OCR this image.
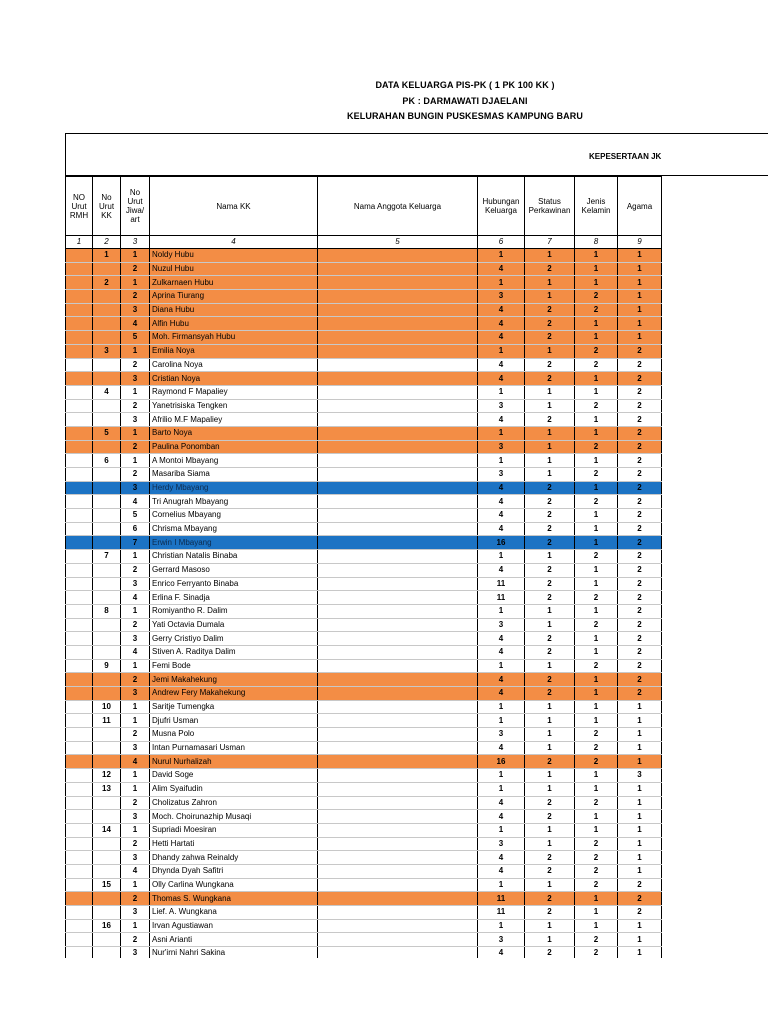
DATA KELUARGA PIS-PK ( 1 PK 100 KK )
PK : DARMAWATI DJAELANI
KELURAHAN BUNGIN PUSKESMAS KAMPUNG BARU
KEPESERTAAN JK
NO Urut RMH	No Urut KK	No Urut Jiwa/ art	Nama KK	Nama Anggota Keluarga	Hubungan Keluarga	Status Perkawinan	Jenis Kelamin	Agama
1	2	3	4	5	6	7	8	9
	1	1	Noldy Hubu		1	1	1	1
		2	Nuzul Hubu		4	2	1	1
	2	1	Zulkarnaen Hubu		1	1	1	1
		2	Aprina Tiurang		3	1	2	1
		3	Diana Hubu		4	2	2	1
		4	Alfin Hubu		4	2	1	1
		5	Moh. Firmansyah Hubu		4	2	1	1
	3	1	Emilia Noya		1	1	2	2
		2	Carolina Noya		4	2	2	2
		3	Cristian Noya		4	2	1	2
	4	1	Raymond F Mapaliey		1	1	1	2
		2	Yanetrisiska Tengken		3	1	2	2
		3	Afrilio M.F Mapaliey		4	2	1	2
	5	1	Barto Noya		1	1	1	2
		2	Paulina Ponomban		3	1	2	2
	6	1	A Montoi Mbayang		1	1	1	2
		2	Masariba Siama		3	1	2	2
		3	Herdy Mbayang		4	2	1	2
		4	Tri Anugrah Mbayang		4	2	2	2
		5	Cornelius Mbayang		4	2	1	2
		6	Chrisma Mbayang		4	2	1	2
		7	Erwin I Mbayang		16	2	1	2
	7	1	Christian Natalis Binaba		1	1	2	2
		2	Gerrard Masoso		4	2	1	2
		3	Enrico Ferryanto Binaba		11	2	1	2
		4	Erlina F. Sinadja		11	2	2	2
	8	1	Romiyantho R. Dalim		1	1	1	2
		2	Yati Octavia Dumala		3	1	2	2
		3	Gerry Cristiyo Dalim		4	2	1	2
		4	Stiven A. Raditya Dalim		4	2	1	2
	9	1	Femi Bode		1	1	2	2
		2	Jemi Makahekung		4	2	1	2
		3	Andrew Fery Makahekung		4	2	1	2
	10	1	Saritje Tumengka		1	1	1	1
	11	1	Djufri Usman		1	1	1	1
		2	Musna Polo		3	1	2	1
		3	Intan Purnamasari Usman		4	1	2	1
		4	Nurul Nurhalizah		16	2	2	1
	12	1	David Soge		1	1	1	3
	13	1	Alim Syaifudin		1	1	1	1
		2	Cholizatus Zahron		4	2	2	1
		3	Moch. Choirunazhip Musaqi		4	2	1	1
	14	1	Supriadi Moesiran		1	1	1	1
		2	Hetti Hartati		3	1	2	1
		3	Dhandy zahwa Reinaldy		4	2	2	1
		4	Dhynda Dyah Safitri		4	2	2	1
	15	1	Olly Carlina Wungkana		1	1	2	2
		2	Thomas S. Wungkana		11	2	1	2
		3	Lief. A. Wungkana		11	2	1	2
	16	1	Irvan Agustiawan		1	1	1	1
		2	Asni Arianti		3	1	2	1
		3	Nur'irni Nahri Sakina		4	2	2	1
